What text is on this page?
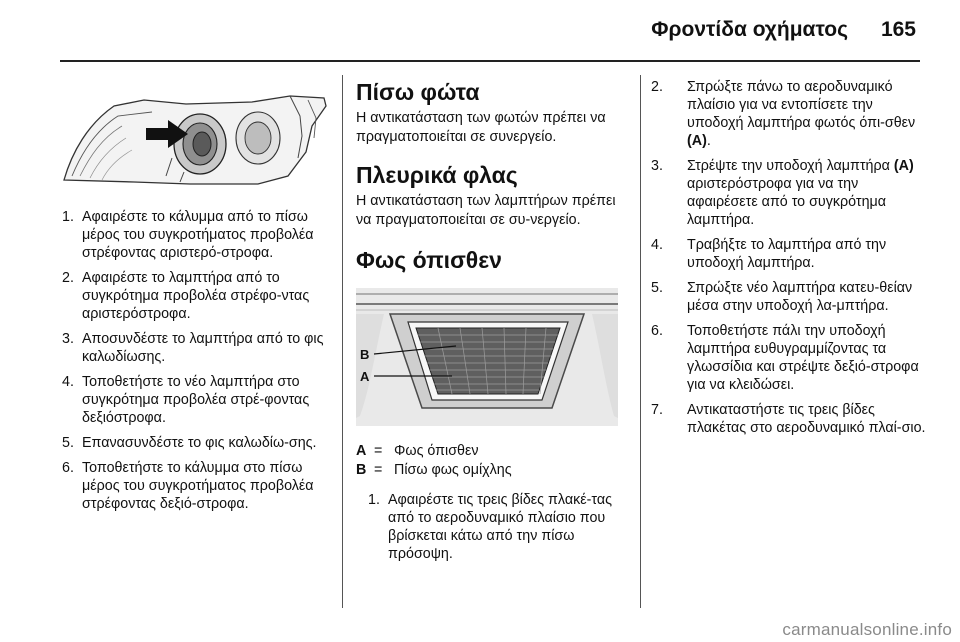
Φροντίδα οχήματος 165
1. Αφαιρέστε το κάλυμμα από το πίσω μέρος του συγκροτήματος προβολέα στρέφοντας αριστερό-στροφα.
2. Αφαιρέστε το λαμπτήρα από το συγκρότημα προβολέα στρέφο-ντας αριστερόστροφα.
3. Αποσυνδέστε το λαμπτήρα από το φις καλωδίωσης.
4. Τοποθετήστε το νέο λαμπτήρα στο συγκρότημα προβολέα στρέ-φοντας δεξιόστροφα.
5. Επανασυνδέστε το φις καλωδίω-σης.
6. Τοποθετήστε το κάλυμμα στο πίσω μέρος του συγκροτήματος προβολέα στρέφοντας δεξιό-στροφα.
Πίσω φώτα

Η αντικατάσταση των φωτών πρέπει να πραγματοποιείται σε συνεργείο.

Πλευρικά φλας

Η αντικατάσταση των λαμπτήρων πρέπει να πραγματοποιείται σε συ-νεργείο.

Φως όπισθεν
B
A
A = Φως όπισθεν
B = Πίσω φως ομίχλης
1. Αφαιρέστε τις τρεις βίδες πλακέ-τας από το αεροδυναμικό πλαίσιο που βρίσκεται κάτω από την πίσω πρόσοψη.
2. Σπρώξτε πάνω το αεροδυναμικό πλαίσιο για να εντοπίσετε την υποδοχή λαμπτήρα φωτός όπι-σθεν (A).
3. Στρέψτε την υποδοχή λαμπτήρα (A) αριστερόστροφα για να την αφαιρέσετε από το συγκρότημα λαμπτήρα.
4. Τραβήξτε το λαμπτήρα από την υποδοχή λαμπτήρα.
5. Σπρώξτε νέο λαμπτήρα κατευ-θείαν μέσα στην υποδοχή λα-μπτήρα.
6. Τοποθετήστε πάλι την υποδοχή λαμπτήρα ευθυγραμμίζοντας τα γλωσσίδια και στρέψτε δεξιό-στροφα για να κλειδώσει.
7. Αντικαταστήστε τις τρεις βίδες πλακέτας στο αεροδυναμικό πλαί-σιο.
carmanualsonline.info
